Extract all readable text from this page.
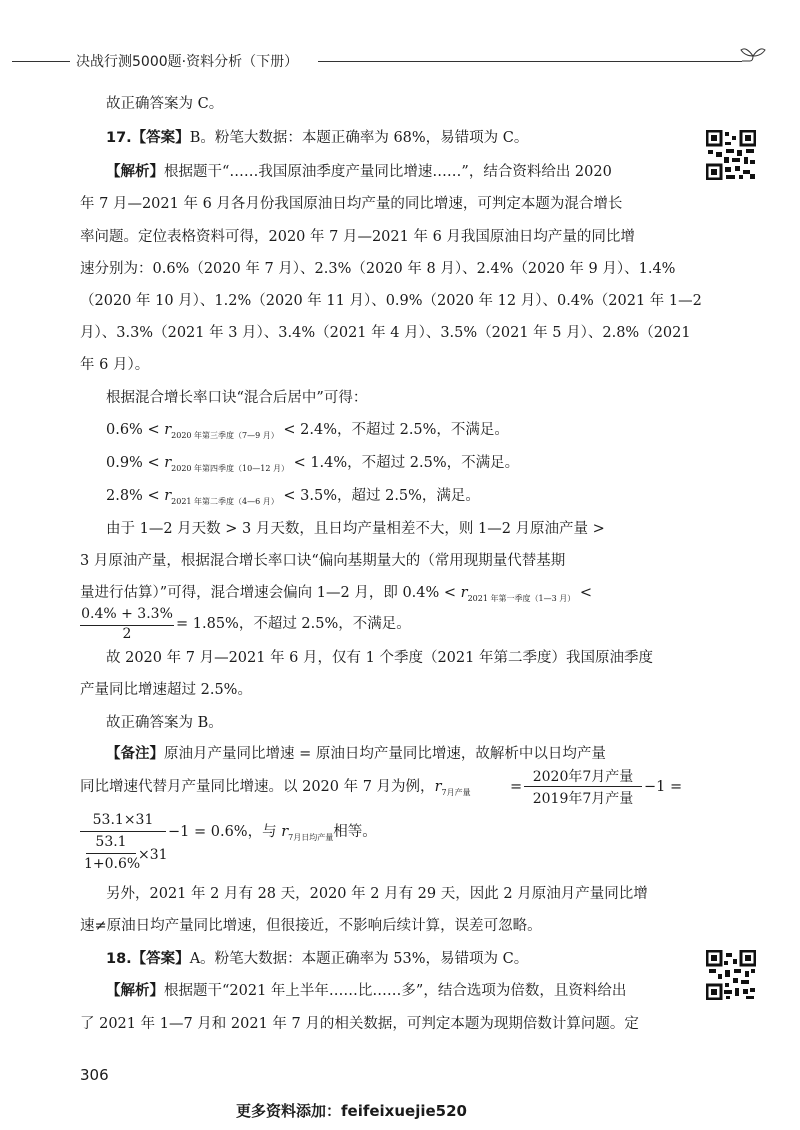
决战行测5000题·资料分析（下册）
故正确答案为 C。
17.【答案】B。粉笔大数据：本题正确率为 68%，易错项为 C。
【解析】根据题干“……我国原油季度产量同比增速……”，结合资料给出 2020
年 7 月—2021 年 6 月各月份我国原油日均产量的同比增速，可判定本题为混合增长
率问题。定位表格资料可得，2020 年 7 月—2021 年 6 月我国原油日均产量的同比增
速分别为：0.6%（2020 年 7 月）、2.3%（2020 年 8 月）、2.4%（2020 年 9 月）、1.4%
（2020 年 10 月）、1.2%（2020 年 11 月）、0.9%（2020 年 12 月）、0.4%（2021 年 1—2
月）、3.3%（2021 年 3 月）、3.4%（2021 年 4 月）、3.5%（2021 年 5 月）、2.8%（2021
年 6 月）。
根据混合增长率口诀“混合后居中”可得：
$0.6\% < r_{2020 年第三季度(7—9 月)} < 2.4\%$，不超过 2.5%，不满足。
$0.9\% < r_{2020 年第四季度(10—12 月)} < 1.4\%$，不超过 2.5%，不满足。
$2.8\% < r_{2021 年第二季度(4—6 月)} < 3.5\%$，超过 2.5%，满足。
由于 1—2 月天数 > 3 月天数，且日均产量相差不大，则 1—2 月原油产量 >
3 月原油产量，根据混合增长率口诀“偏向基期量大的（常用现期量代替基期
量进行估算）”可得，混合增速会偏向 1—2 月，即 $0.4\% < r_{2021 年第一季度(1—3 月)}$ <
0.4% + 3.3%
2
= 1.85%，不超过 2.5%，不满足。
故 2020 年 7 月—2021 年 6 月，仅有 1 个季度（2021 年第二季度）我国原油季度
产量同比增速超过 2.5%。
故正确答案为 B。
【备注】原油月产量同比增速 = 原油日均产量同比增速，故解析中以日均产量
同比增速代替月产量同比增速。以 2020 年 7 月为例，$r_{7月产量}$	=
2020年7月产量
2019年7月产量
−1 =
53.1×31
53.1
1+0.6%
×31
−1 = 0.6%，与 $r_{7月日均产量}$相等。
另外，2021 年 2 月有 28 天，2020 年 2 月有 29 天，因此 2 月原油月产量同比增
速≠原油日均产量同比增速，但很接近，不影响后续计算，误差可忽略。
18.【答案】A。粉笔大数据：本题正确率为 53%，易错项为 C。
【解析】根据题干“2021 年上半年……比……多”，结合选项为倍数，且资料给出
了 2021 年 1—7 月和 2021 年 7 月的相关数据，可判定本题为现期倍数计算问题。定
306
更多资料添加：feifeixuejie520
